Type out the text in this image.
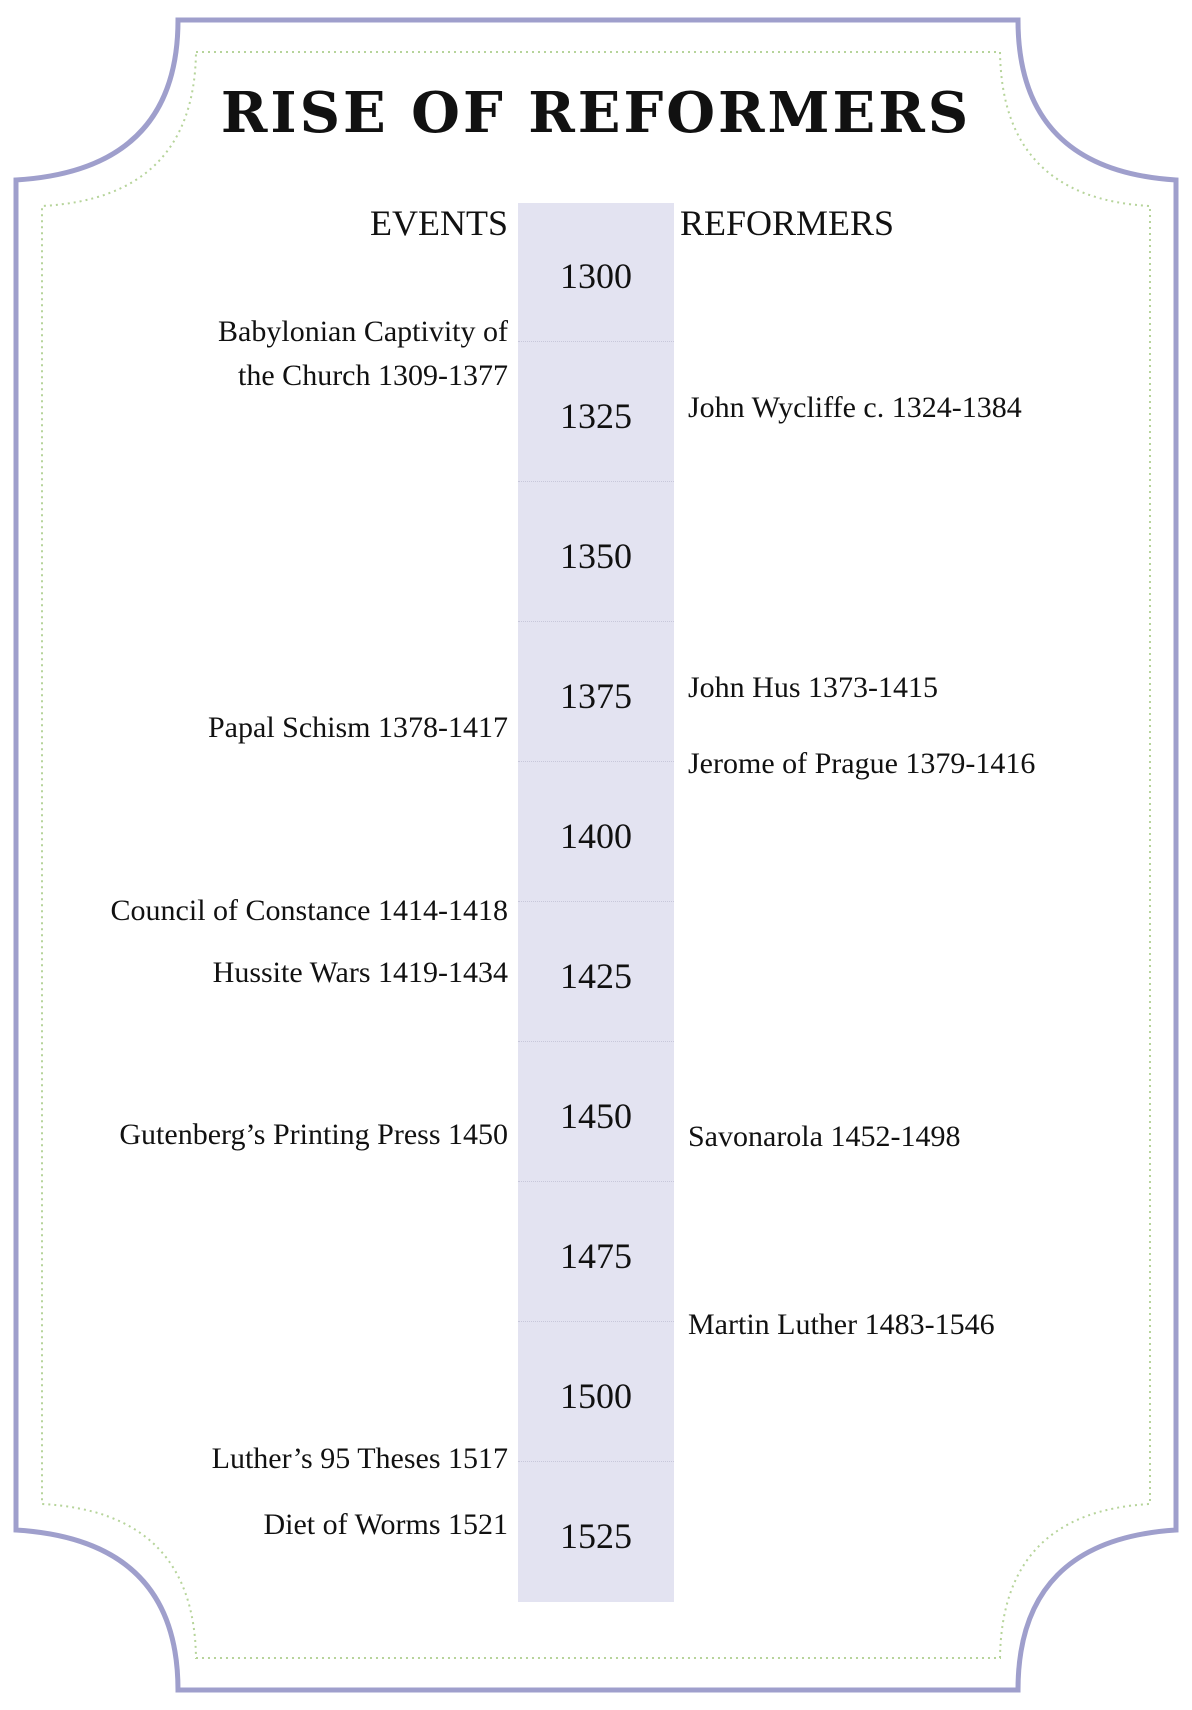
RISE OF REFORMERS
EVENTS	REFORMERS
1300
1325
1350
1375
1400
1425
1450
1475
1500
1525
Babylonian Captivity of
the Church 1309-1377
Papal Schism 1378-1417
Council of Constance 1414-1418
Hussite Wars 1419-1434
Gutenberg’s Printing Press 1450
Luther’s 95 Theses 1517
Diet of Worms 1521
John Wycliffe c. 1324-1384
John Hus 1373-1415
Jerome of Prague 1379-1416
Savonarola 1452-1498
Martin Luther 1483-1546
